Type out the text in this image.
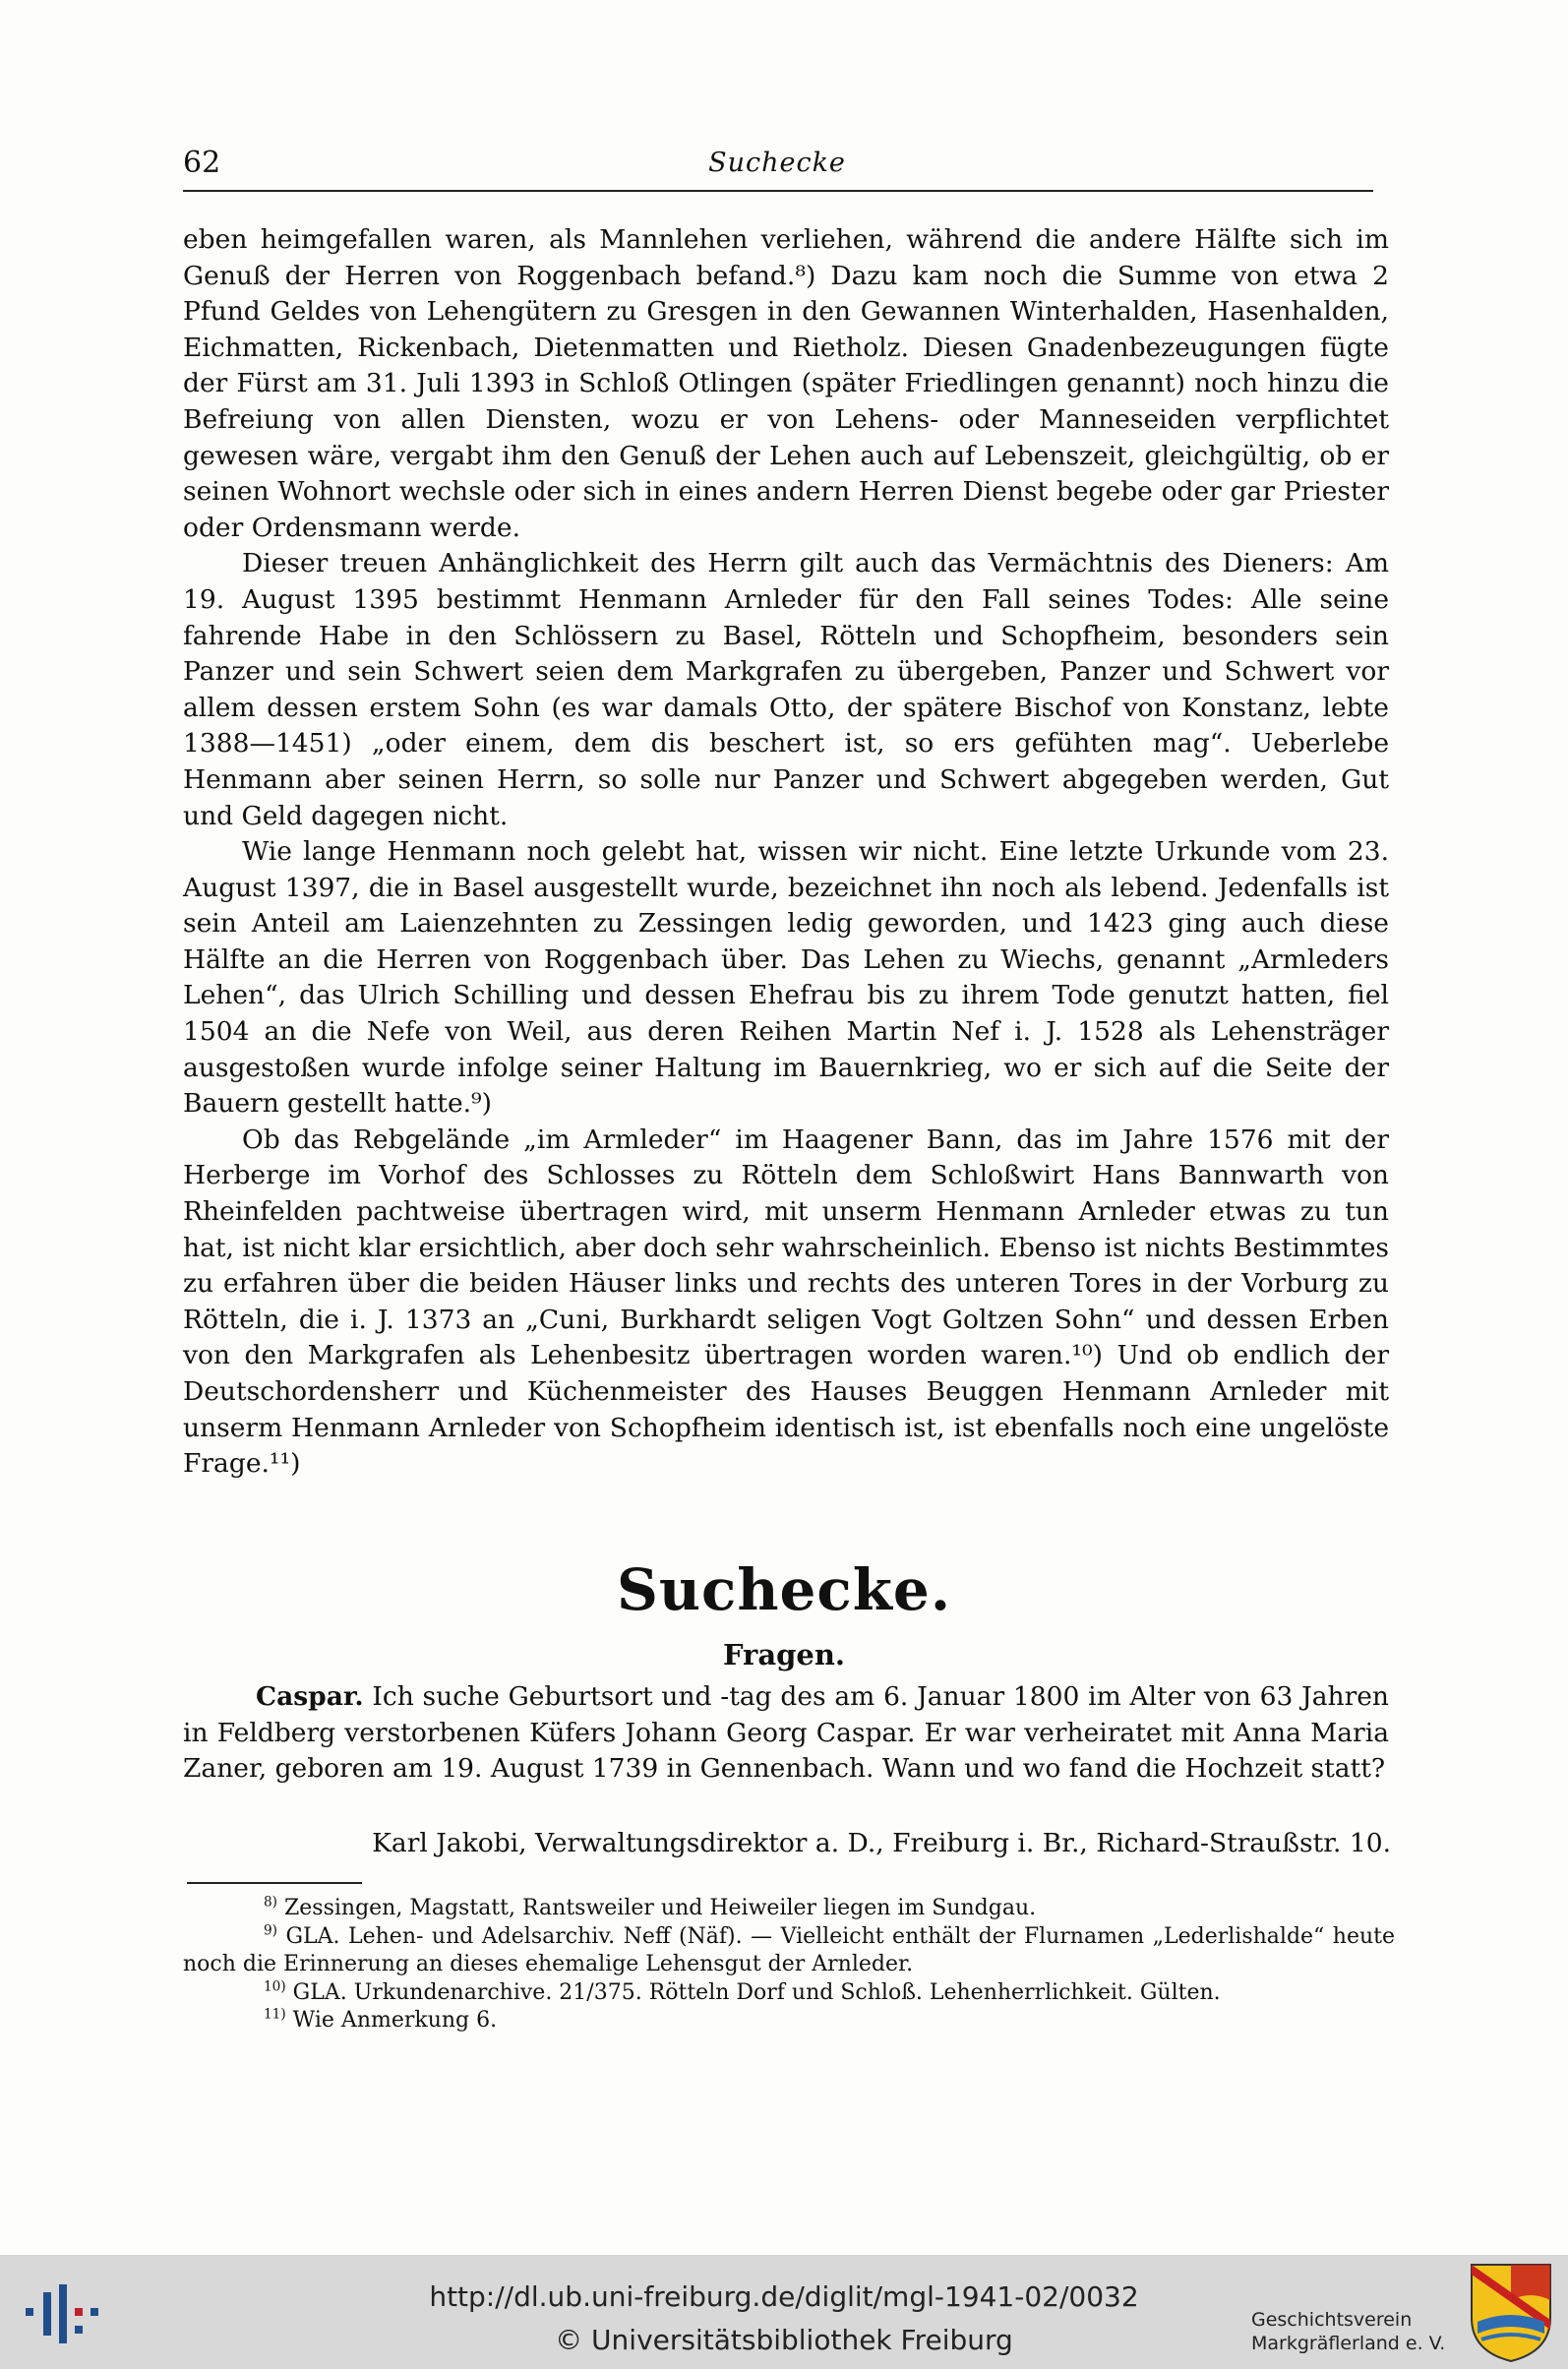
62	Suchecke

eben heimgefallen waren, als Mannlehen verliehen, während die andere Hälfte sich im Genuß der Herren von Roggenbach befand.⁸) Dazu kam noch die Summe von etwa 2 Pfund Geldes von Lehengütern zu Gresgen in den Gewannen Winterhalden, Hasenhalden, Eichmatten, Rickenbach, Dietenmatten und Rietholz. Diesen Gnadenbezeugungen fügte der Fürst am 31. Juli 1393 in Schloß Otlingen (später Friedlingen genannt) noch hinzu die Befreiung von allen Diensten, wozu er von Lehens- oder Manneseiden verpflichtet gewesen wäre, vergabt ihm den Genuß der Lehen auch auf Lebenszeit, gleichgültig, ob er seinen Wohnort wechsle oder sich in eines andern Herren Dienst begebe oder gar Priester oder Ordensmann werde.

Dieser treuen Anhänglichkeit des Herrn gilt auch das Vermächtnis des Dieners: Am 19. August 1395 bestimmt Henmann Arnleder für den Fall seines Todes: Alle seine fahrende Habe in den Schlössern zu Basel, Rötteln und Schopfheim, besonders sein Panzer und sein Schwert seien dem Markgrafen zu übergeben, Panzer und Schwert vor allem dessen erstem Sohn (es war damals Otto, der spätere Bischof von Konstanz, lebte 1388—1451) „oder einem, dem dis beschert ist, so ers gefühten mag“. Ueberlebe Henmann aber seinen Herrn, so solle nur Panzer und Schwert abgegeben werden, Gut und Geld dagegen nicht.

Wie lange Henmann noch gelebt hat, wissen wir nicht. Eine letzte Urkunde vom 23. August 1397, die in Basel ausgestellt wurde, bezeichnet ihn noch als lebend. Jedenfalls ist sein Anteil am Laienzehnten zu Zessingen ledig geworden, und 1423 ging auch diese Hälfte an die Herren von Roggenbach über. Das Lehen zu Wiechs, genannt „Armleders Lehen“, das Ulrich Schilling und dessen Ehefrau bis zu ihrem Tode genutzt hatten, fiel 1504 an die Nefe von Weil, aus deren Reihen Martin Nef i. J. 1528 als Lehensträger ausgestoßen wurde infolge seiner Haltung im Bauernkrieg, wo er sich auf die Seite der Bauern gestellt hatte.⁹)

Ob das Rebgelände „im Armleder“ im Haagener Bann, das im Jahre 1576 mit der Herberge im Vorhof des Schlosses zu Rötteln dem Schloßwirt Hans Bannwarth von Rheinfelden pachtweise übertragen wird, mit unserm Henmann Arnleder etwas zu tun hat, ist nicht klar ersichtlich, aber doch sehr wahrscheinlich. Ebenso ist nichts Bestimmtes zu erfahren über die beiden Häuser links und rechts des unteren Tores in der Vorburg zu Rötteln, die i. J. 1373 an „Cuni, Burkhardt seligen Vogt Goltzen Sohn“ und dessen Erben von den Markgrafen als Lehenbesitz übertragen worden waren.¹⁰) Und ob endlich der Deutschordensherr und Küchenmeister des Hauses Beuggen Henmann Arnleder mit unserm Henmann Arnleder von Schopfheim identisch ist, ist ebenfalls noch eine ungelöste Frage.¹¹)

Suchecke.
Fragen.

Caspar. Ich suche Geburtsort und -tag des am 6. Januar 1800 im Alter von 63 Jahren in Feldberg verstorbenen Küfers Johann Georg Caspar. Er war verheiratet mit Anna Maria Zaner, geboren am 19. August 1739 in Gennenbach. Wann und wo fand die Hochzeit statt?

Karl Jakobi, Verwaltungsdirektor a. D., Freiburg i. Br., Richard-Straußstr. 10.

$^{8)}$ Zessingen, Magstatt, Rantsweiler und Heiweiler liegen im Sundgau.

$^{9)}$ GLA. Lehen- und Adelsarchiv. Neff (Näf). — Vielleicht enthält der Flurnamen „Lederlishalde“ heute noch die Erinnerung an dieses ehemalige Lehensgut der Arnleder.

$^{10)}$ GLA. Urkundenarchive. 21/375. Rötteln Dorf und Schloß. Lehenherrlichkeit. Gülten.

$^{11)}$ Wie Anmerkung 6.

http://dl.ub.uni-freiburg.de/diglit/mgl-1941-02/0032
© Universitätsbibliothek Freiburg
Geschichtsverein
Markgräflerland e. V.
